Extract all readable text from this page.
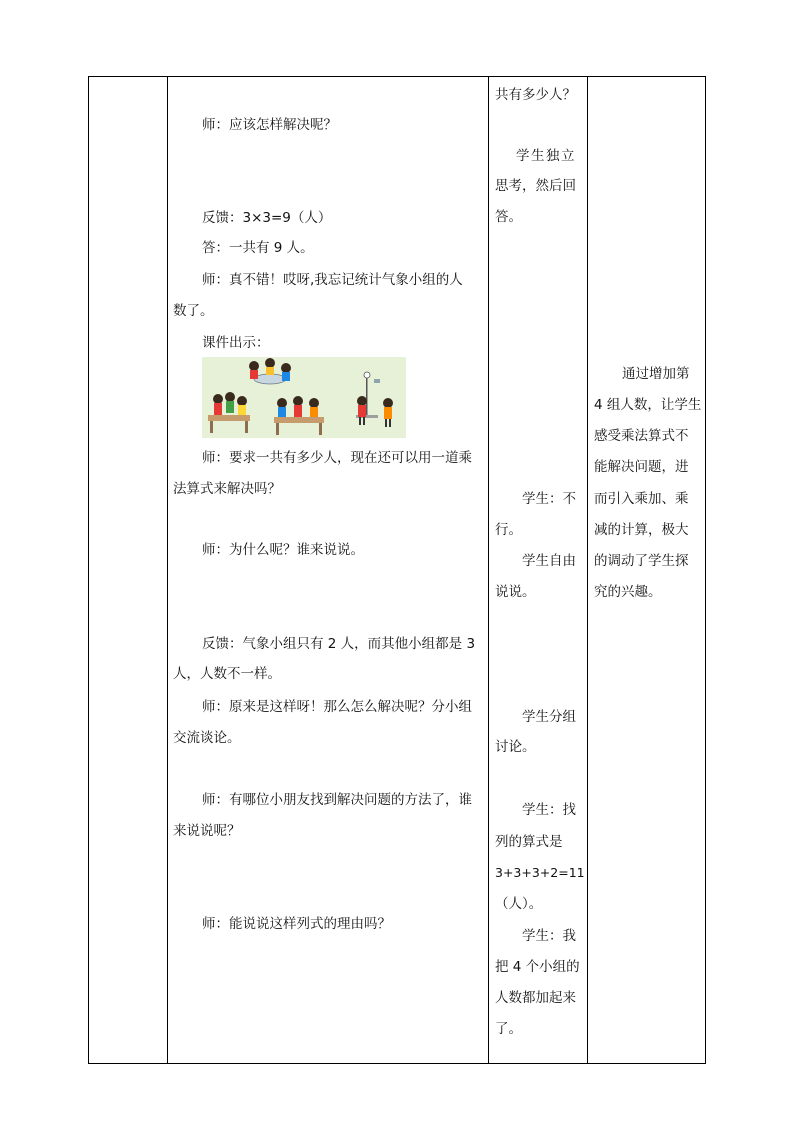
师：应该怎样解决呢？
反馈：3×3=9（人）
答：一共有 9 人。
师：真不错！哎呀,我忘记统计气象小组的人
数了。
课件出示：
师：要求一共有多少人，现在还可以用一道乘
法算式来解决吗？
师：为什么呢？谁来说说。
反馈：气象小组只有 2 人，而其他小组都是 3
人，人数不一样。
师：原来是这样呀！那么怎么解决呢？分小组
交流谈论。
师：有哪位小朋友找到解决问题的方法了，谁
来说说呢？
师：能说说这样列式的理由吗？
共有多少人？
学生独立
思考，然后回
答。
学生：不
行。
学生自由
说说。
学生分组
讨论。
学生：找
列的算式是
3+3+3+2=11
（人）。
学生：我
把 4 个小组的
人数都加起来
了。
通过增加第
4 组人数，让学生
感受乘法算式不
能解决问题，进
而引入乘加、乘
减的计算，极大
的调动了学生探
究的兴趣。
